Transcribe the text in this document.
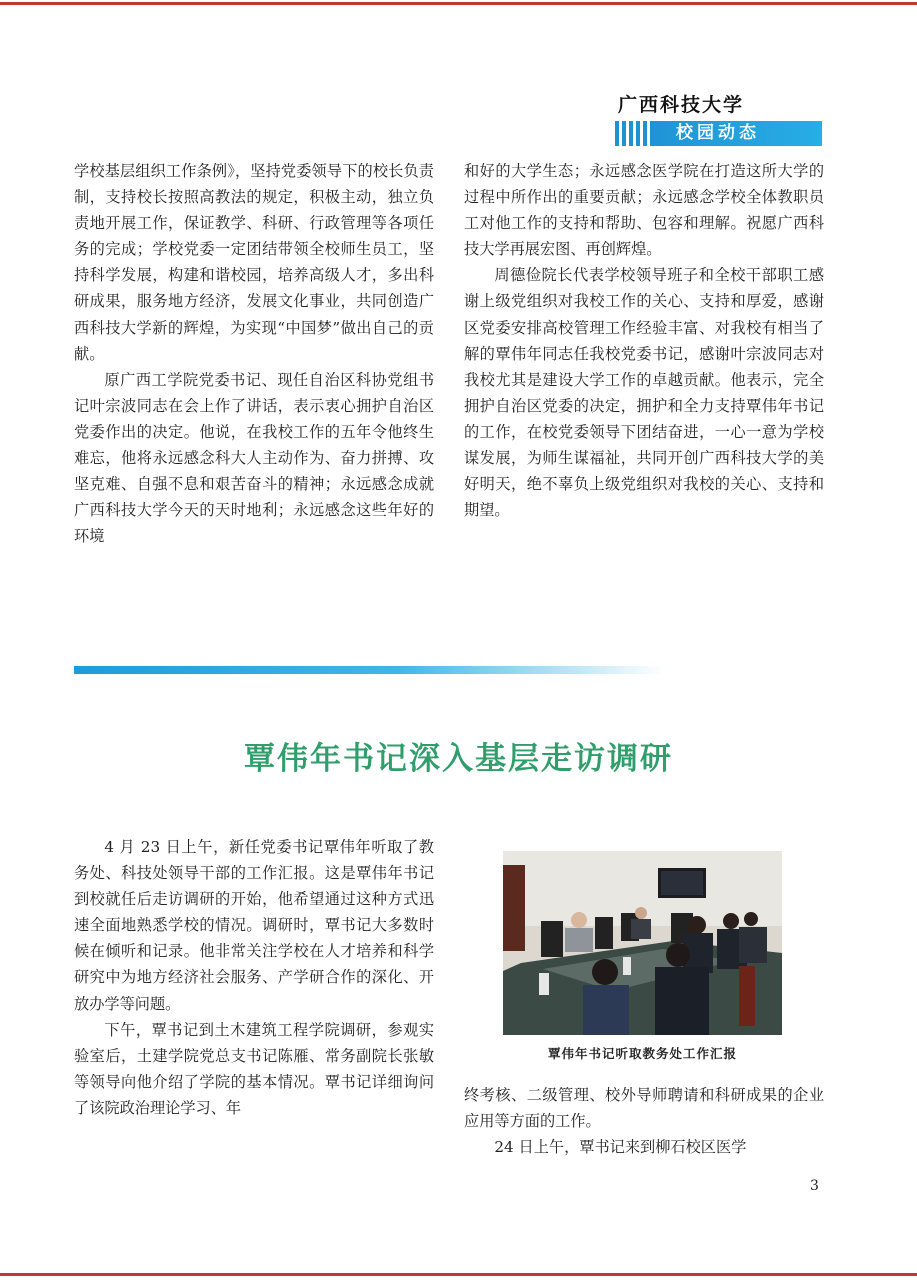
广西科技大学
校园动态

学校基层组织工作条例》，坚持党委领导下的校长负责制，支持校长按照高教法的规定，积极主动，独立负责地开展工作，保证教学、科研、行政管理等各项任务的完成；学校党委一定团结带领全校师生员工，坚持科学发展，构建和谐校园，培养高级人才，多出科研成果，服务地方经济，发展文化事业，共同创造广西科技大学新的辉煌，为实现“中国梦”做出自己的贡献。

原广西工学院党委书记、现任自治区科协党组书记叶宗波同志在会上作了讲话，表示衷心拥护自治区党委作出的决定。他说，在我校工作的五年令他终生难忘，他将永远感念科大人主动作为、奋力拼搏、攻坚克难、自强不息和艰苦奋斗的精神；永远感念成就广西科技大学今天的天时地利；永远感念这些年好的环境

和好的大学生态；永远感念医学院在打造这所大学的过程中所作出的重要贡献；永远感念学校全体教职员工对他工作的支持和帮助、包容和理解。祝愿广西科技大学再展宏图、再创辉煌。

周德俭院长代表学校领导班子和全校干部职工感谢上级党组织对我校工作的关心、支持和厚爱，感谢区党委安排高校管理工作经验丰富、对我校有相当了解的覃伟年同志任我校党委书记，感谢叶宗波同志对我校尤其是建设大学工作的卓越贡献。他表示，完全拥护自治区党委的决定，拥护和全力支持覃伟年书记的工作，在校党委领导下团结奋进，一心一意为学校谋发展，为师生谋福祉，共同开创广西科技大学的美好明天，绝不辜负上级党组织对我校的关心、支持和期望。

覃伟年书记深入基层走访调研

4 月 23 日上午，新任党委书记覃伟年听取了教务处、科技处领导干部的工作汇报。这是覃伟年书记到校就任后走访调研的开始，他希望通过这种方式迅速全面地熟悉学校的情况。调研时，覃书记大多数时候在倾听和记录。他非常关注学校在人才培养和科学研究中为地方经济社会服务、产学研合作的深化、开放办学等问题。

下午，覃书记到土木建筑工程学院调研，参观实验室后，土建学院党总支书记陈雁、常务副院长张敏等领导向他介绍了学院的基本情况。覃书记详细询问了该院政治理论学习、年

覃伟年书记听取教务处工作汇报

终考核、二级管理、校外导师聘请和科研成果的企业应用等方面的工作。

24 日上午，覃书记来到柳石校区医学

3
